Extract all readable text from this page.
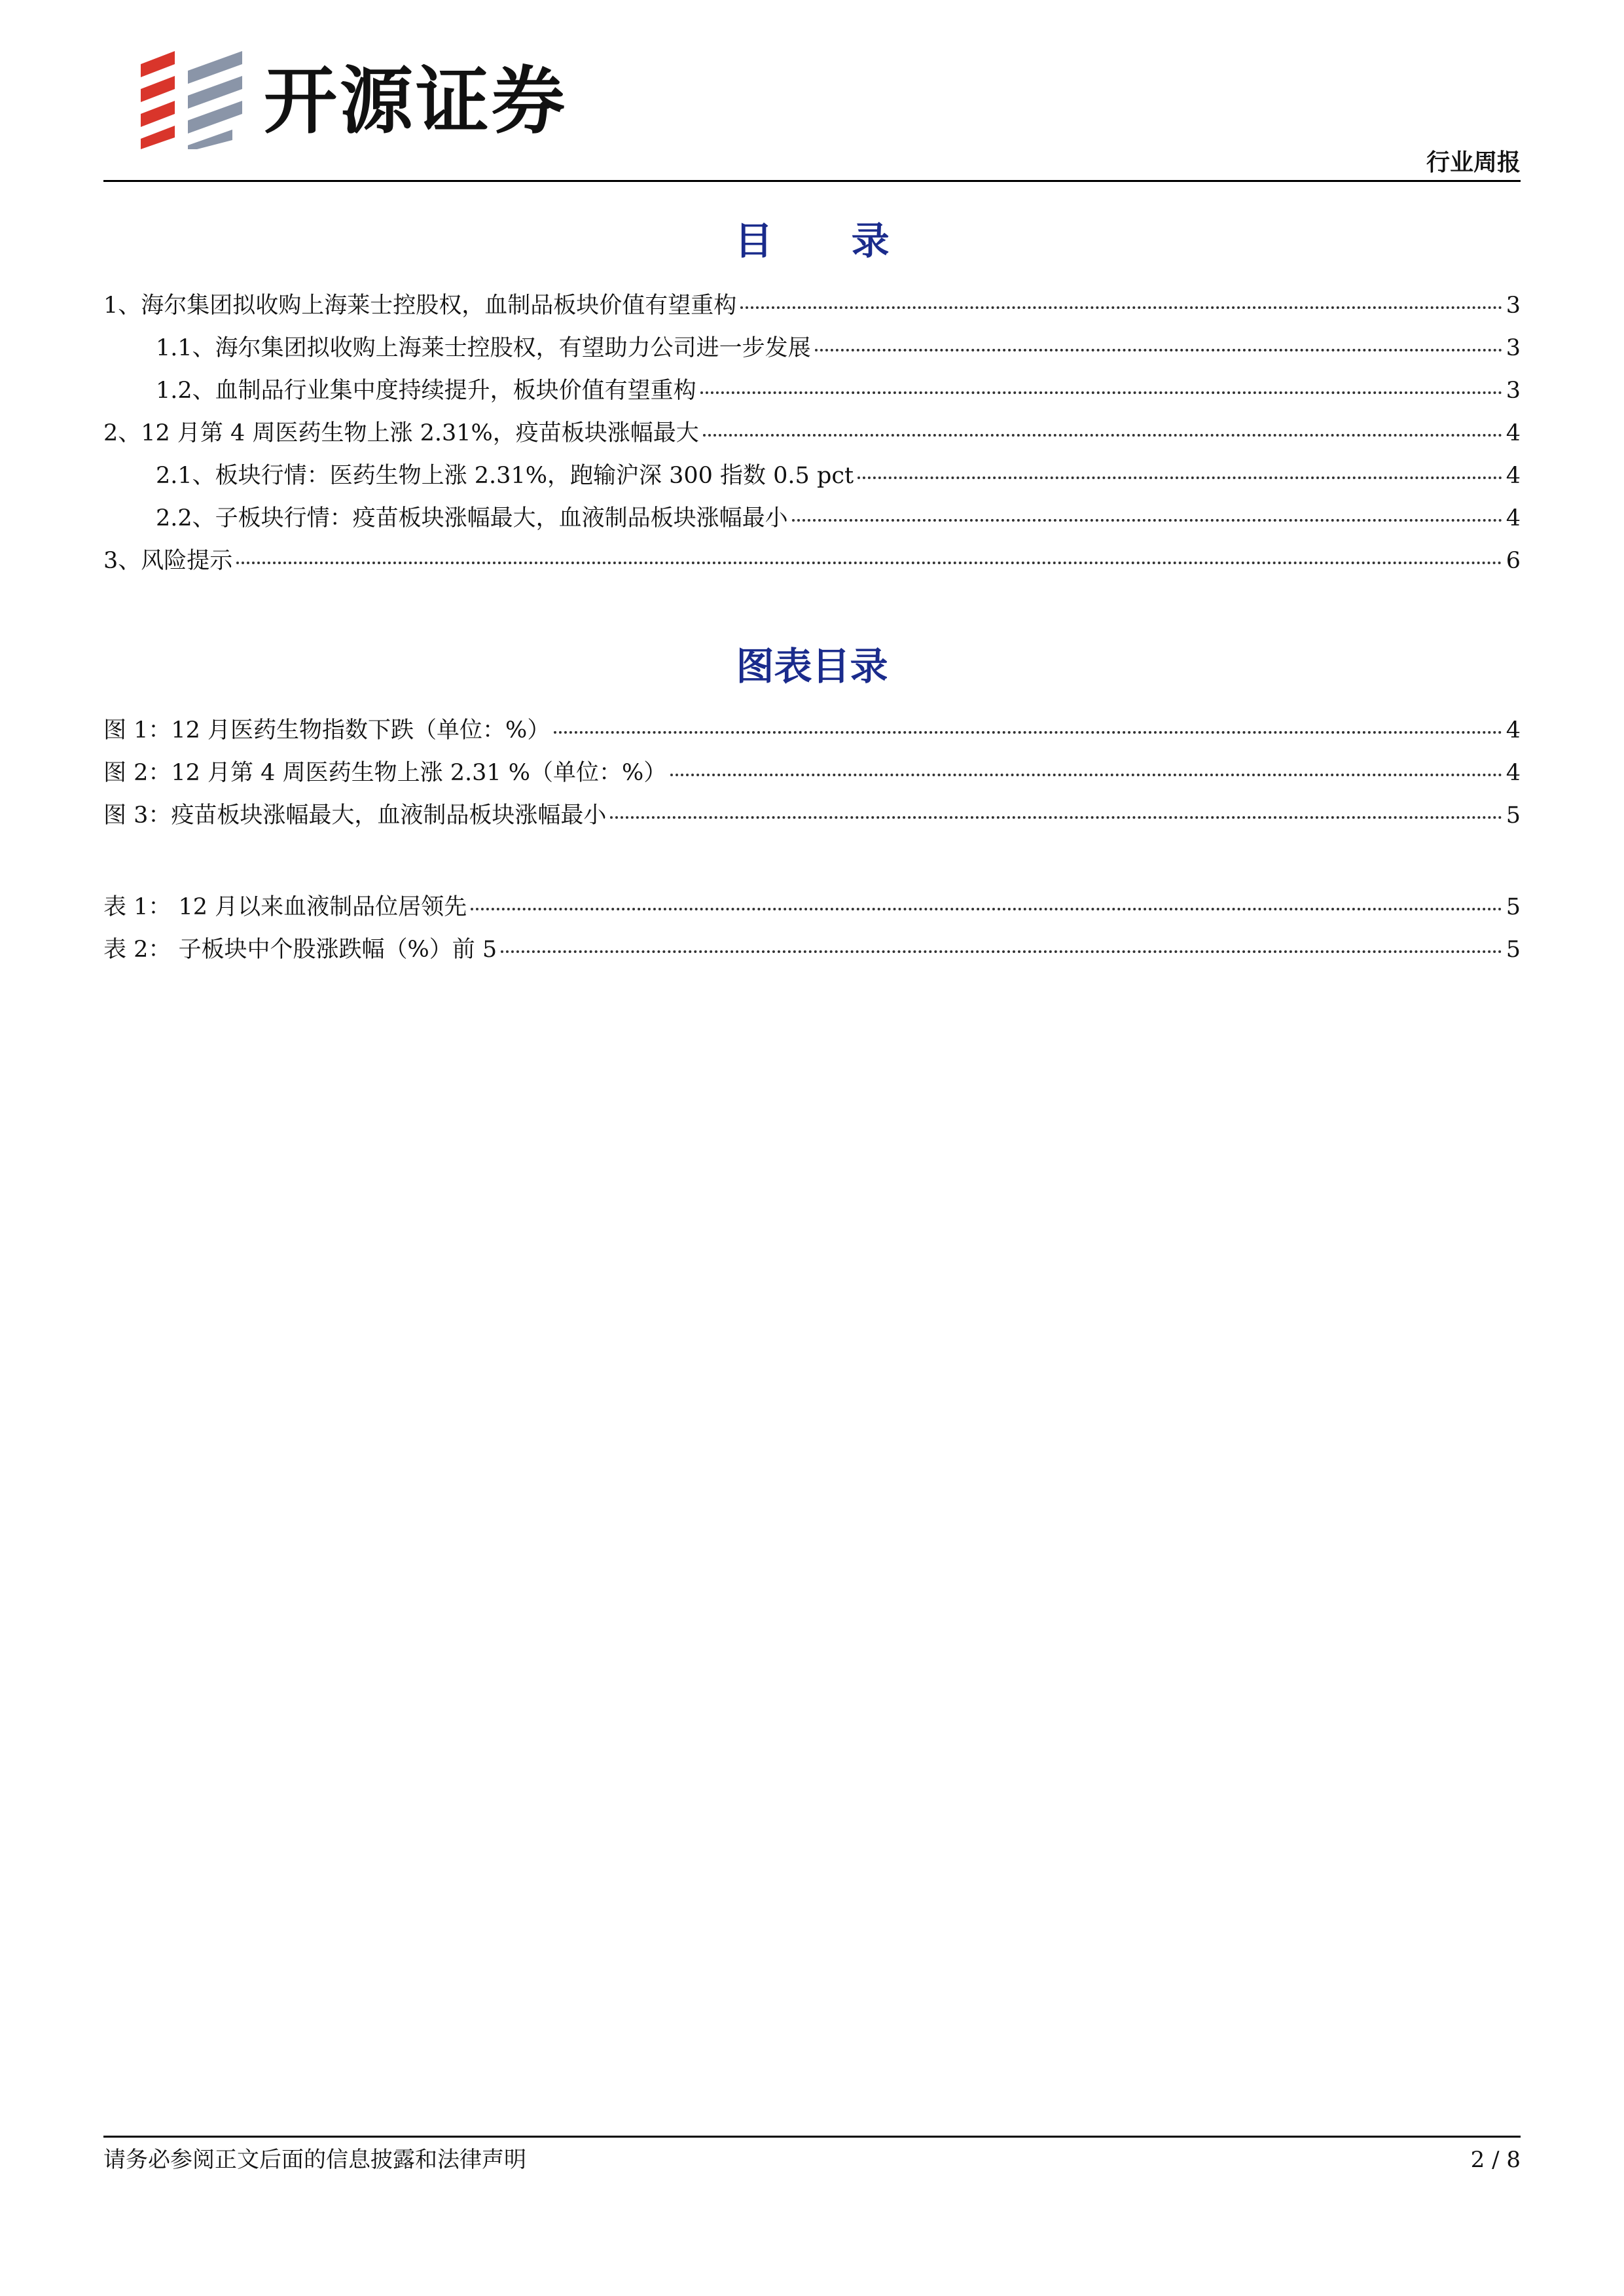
开源证券
行业周报
目 录
1、海尔集团拟收购上海莱士控股权，血制品板块价值有望重构	3
1.1、海尔集团拟收购上海莱士控股权，有望助力公司进一步发展	3
1.2、血制品行业集中度持续提升，板块价值有望重构	3
2、12 月第 4 周医药生物上涨 2.31%，疫苗板块涨幅最大	4
2.1、板块行情：医药生物上涨 2.31%，跑输沪深 300 指数 0.5 pct	4
2.2、子板块行情：疫苗板块涨幅最大，血液制品板块涨幅最小	4
3、风险提示	6
图表目录
图 1：12 月医药生物指数下跌（单位：%）	4
图 2：12 月第 4 周医药生物上涨 2.31 %（单位：%）	4
图 3：疫苗板块涨幅最大，血液制品板块涨幅最小	5
表 1： 12 月以来血液制品位居领先	5
表 2： 子板块中个股涨跌幅（%）前 5	5
请务必参阅正文后面的信息披露和法律声明	2 / 8
